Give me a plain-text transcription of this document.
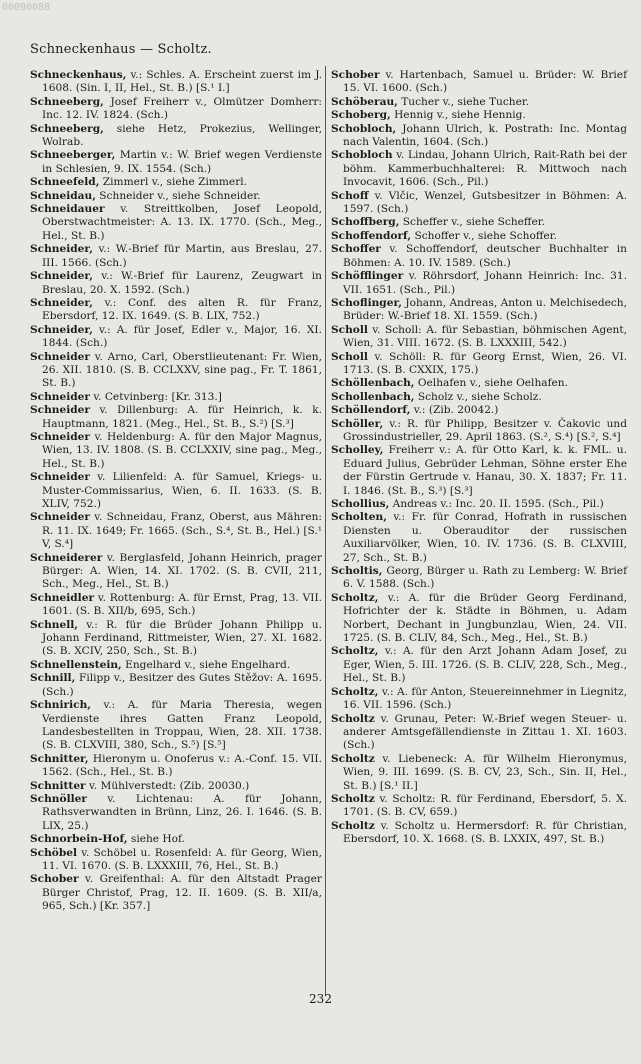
00090088
Schneckenhaus — Scholtz.

Schneckenhaus, v.: Schles. A. Erscheint zuerst im J. 1608. (Sin. I, II, Hel., St. B.) [S.¹ I.]

Schneeberg, Josef Freiherr v., Olmützer Domherr: Inc. 12. IV. 1824. (Sch.)

Schneeberg, siehe Hetz, Prokezius, Wellinger, Wolrab.

Schneeberger, Martin v.: W. Brief wegen Verdienste in Schlesien, 9. IX. 1554. (Sch.)

Schneefeld, Zimmerl v., siehe Zimmerl.

Schneidau, Schneider v., siehe Schneider.

Schneidauer v. Streittkolben, Josef Leopold, Oberstwachtmeister: A. 13. IX. 1770. (Sch., Meg., Hel., St. B.)

Schneider, v.: W.-Brief für Martin, aus Breslau, 27. III. 1566. (Sch.)

Schneider, v.: W.-Brief für Laurenz, Zeugwart in Breslau, 20. X. 1592. (Sch.)

Schneider, v.: Conf. des alten R. für Franz, Ebersdorf, 12. IX. 1649. (S. B. LIX, 752.)

Schneider, v.: A. für Josef, Edler v., Major, 16. XI. 1844. (Sch.)

Schneider v. Arno, Carl, Oberstlieutenant: Fr. Wien, 26. XII. 1810. (S. B. CCLXXV, sine pag., Fr. T. 1861, St. B.)

Schneider v. Cetvinberg: [Kr. 313.]

Schneider v. Dillenburg: A. für Heinrich, k. k. Hauptmann, 1821. (Meg., Hel., St. B., S.²) [S.³]

Schneider v. Heldenburg: A. für den Major Magnus, Wien, 13. IV. 1808. (S. B. CCLXXIV, sine pag., Meg., Hel., St. B.)

Schneider v. Lilienfeld: A. für Samuel, Kriegs- u. Muster-Commissarius, Wien, 6. II. 1633. (S. B. XLIV, 752.)

Schneider v. Schneidau, Franz, Oberst, aus Mähren: R. 11. IX. 1649; Fr. 1665. (Sch., S.⁴, St. B., Hel.) [S.¹ V, S.⁴]

Schneiderer v. Berglasfeld, Johann Heinrich, prager Bürger: A. Wien, 14. XI. 1702. (S. B. CVII, 211, Sch., Meg., Hel., St. B.)

Schneidler v. Rottenburg: A. für Ernst, Prag, 13. VII. 1601. (S. B. XII/b, 695, Sch.)

Schnell, v.: R. für die Brüder Johann Philipp u. Johann Ferdinand, Rittmeister, Wien, 27. XI. 1682. (S. B. XCIV, 250, Sch., St. B.)

Schnellenstein, Engelhard v., siehe Engelhard.

Schnill, Filipp v., Besitzer des Gutes Stěžov: A. 1695. (Sch.)

Schnirich, v.: A. für Maria Theresia, wegen Verdienste ihres Gatten Franz Leopold, Landesbestellten in Troppau, Wien, 28. XII. 1738. (S. B. CLXVIII, 380, Sch., S.⁵) [S.⁵]

Schnitter, Hieronym u. Onoferus v.: A.-Conf. 15. VII. 1562. (Sch., Hel., St. B.)

Schnitter v. Mühlverstedt: (Zib. 20030.)

Schnöller v. Lichtenau: A. für Johann, Rathsverwandten in Brünn, Linz, 26. I. 1646. (S. B. LIX, 25.)

Schnorbein-Hof, siehe Hof.

Schöbel v. Schöbel u. Rosenfeld: A. für Georg, Wien, 11. VI. 1670. (S. B. LXXXIII, 76, Hel., St. B.)

Schober v. Greifenthal: A. für den Altstadt Prager Bürger Christof, Prag, 12. II. 1609. (S. B. XII/a, 965, Sch.) [Kr. 357.]

Schober v. Hartenbach, Samuel u. Brüder: W. Brief 15. VI. 1600. (Sch.)

Schöberau, Tucher v., siehe Tucher.

Schoberg, Hennig v., siehe Hennig.

Schobloch, Johann Ulrich, k. Postrath: Inc. Montag nach Valentin, 1604. (Sch.)

Schobloch v. Lindau, Johann Ulrich, Rait-Rath bei der böhm. Kammerbuchhalterei: R. Mittwoch nach Invocavit, 1606. (Sch., Pil.)

Schoff v. Vlčic, Wenzel, Gutsbesitzer in Böhmen: A. 1597. (Sch.)

Schoffberg, Scheffer v., siehe Scheffer.

Schoffendorf, Schoffer v., siehe Schoffer.

Schoffer v. Schoffendorf, deutscher Buchhalter in Böhmen: A. 10. IV. 1589. (Sch.)

Schöfflinger v. Röhrsdorf, Johann Heinrich: Inc. 31. VII. 1651. (Sch., Pil.)

Schoflinger, Johann, Andreas, Anton u. Melchisedech, Brüder: W.-Brief 18. XI. 1559. (Sch.)

Scholl v. Scholl: A. für Sebastian, böhmischen Agent, Wien, 31. VIII. 1672. (S. B. LXXXIII, 542.)

Scholl v. Schöll: R. für Georg Ernst, Wien, 26. VI. 1713. (S. B. CXXIX, 175.)

Schöllenbach, Oelhafen v., siehe Oelhafen.

Schollenbach, Scholz v., siehe Scholz.

Schöllendorf, v.: (Zib. 20042.)

Schöller, v.: R. für Philipp, Besitzer v. Čakovic und Grossindustrieller, 29. April 1863. (S.², S.⁴) [S.², S.⁴]

Scholley, Freiherr v.: A. für Otto Karl, k. k. FML. u. Eduard Julius, Gebrüder Lehman, Söhne erster Ehe der Fürstin Gertrude v. Hanau, 30. X. 1837; Fr. 11. I. 1846. (St. B., S.³) [S.³]

Schollius, Andreas v.: Inc. 20. II. 1595. (Sch., Pil.)

Scholten, v.: Fr. für Conrad, Hofrath in russischen Diensten u. Oberauditor der russischen Auxiliarvölker, Wien, 10. IV. 1736. (S. B. CLXVIII, 27, Sch., St. B.)

Scholtis, Georg, Bürger u. Rath zu Lemberg: W. Brief 6. V. 1588. (Sch.)

Scholtz, v.: A. für die Brüder Georg Ferdinand, Hofrichter der k. Städte in Böhmen, u. Adam Norbert, Dechant in Jungbunzlau, Wien, 24. VII. 1725. (S. B. CLIV, 84, Sch., Meg., Hel., St. B.)

Scholtz, v.: A. für den Arzt Johann Adam Josef, zu Eger, Wien, 5. III. 1726. (S. B. CLIV, 228, Sch., Meg., Hel., St. B.)

Scholtz, v.: A. für Anton, Steuereinnehmer in Liegnitz, 16. VII. 1596. (Sch.)

Scholtz v. Grunau, Peter: W.-Brief wegen Steuer- u. anderer Amtsgefällendienste in Zittau 1. XI. 1603. (Sch.)

Scholtz v. Liebeneck: A. für Wilhelm Hieronymus, Wien, 9. III. 1699. (S. B. CV, 23, Sch., Sin. II, Hel., St. B.) [S.¹ II.]

Scholtz v. Scholtz: R. für Ferdinand, Ebersdorf, 5. X. 1701. (S. B. CV, 659.)

Scholtz v. Scholtz u. Hermersdorf: R. für Christian, Ebersdorf, 10. X. 1668. (S. B. LXXIX, 497, St. B.)

232
